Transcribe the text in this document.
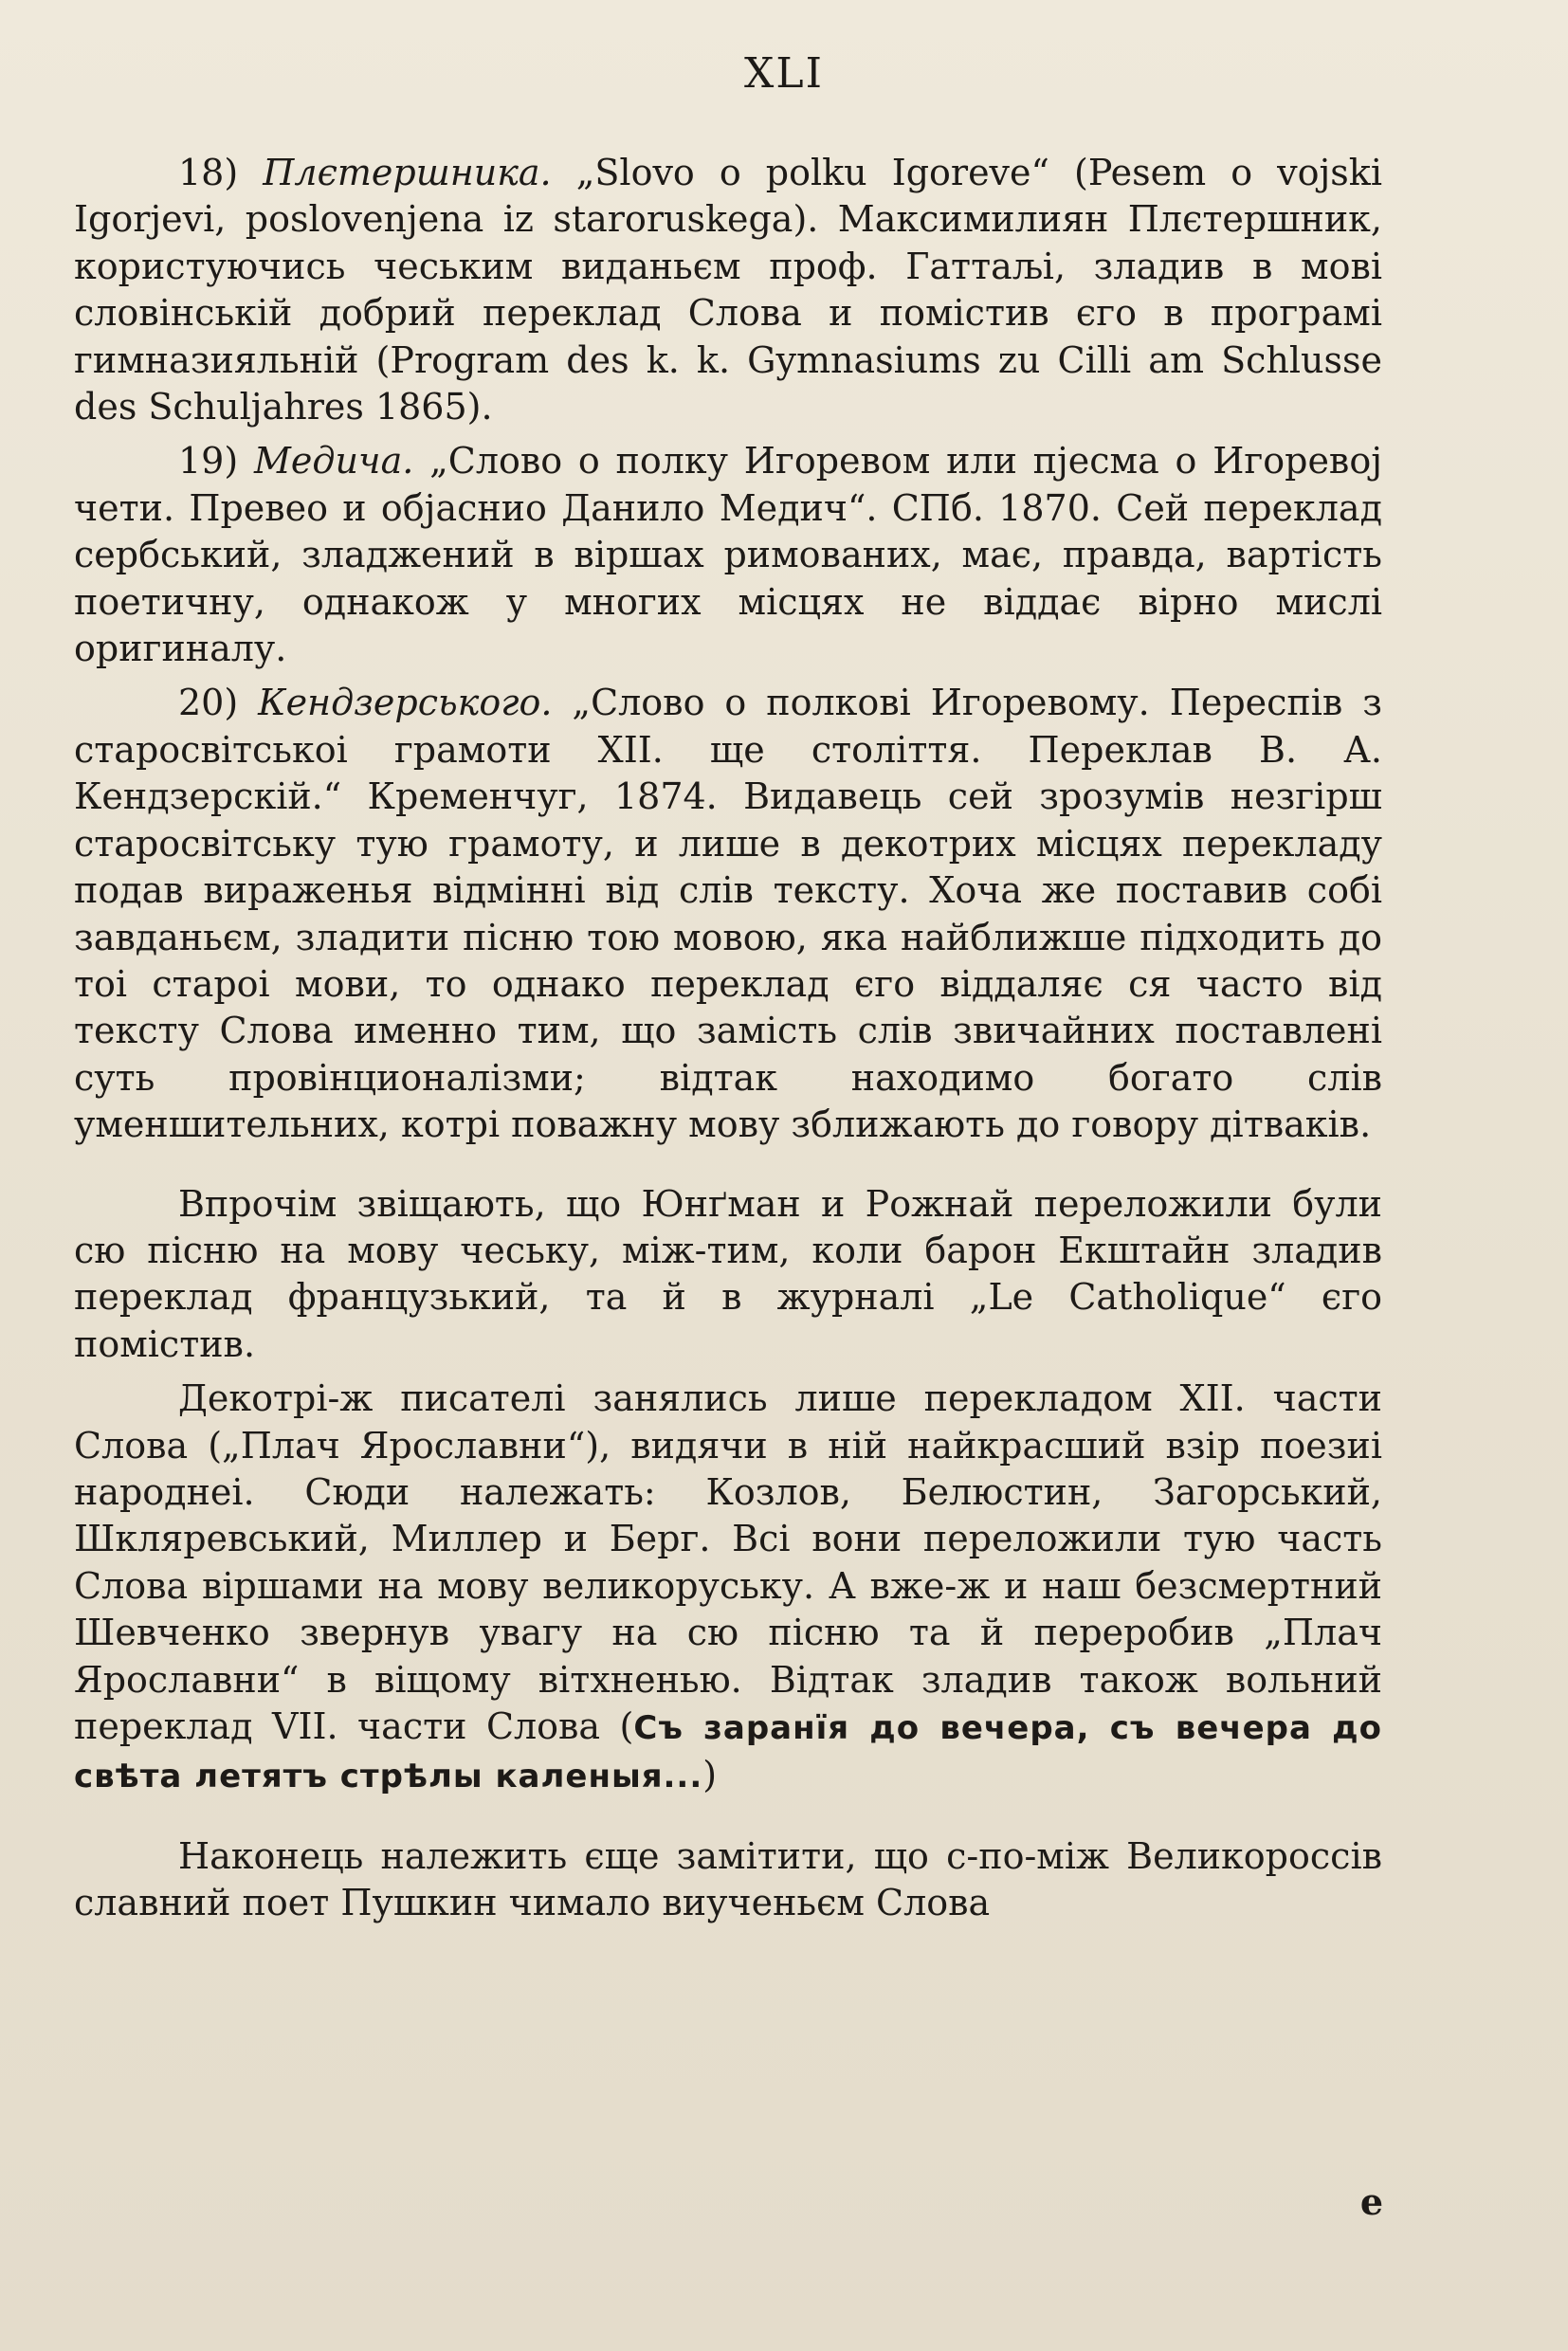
XLI

18) Плєтершника. „Slovo o polku Igoreve“ (Pesem o vojski Igorjevi, poslovenjena iz staroruskega). Максимилиян Плєтершник, користуючись чеським виданьєм проф. Гаттаљі, зладив в мові словінській добрий переклад Слова и помістив єго в програмі гимназияльній (Program des k. k. Gymnasiums zu Cilli am Schlusse des Schuljahres 1865).

19) Медича. „Слово о полку Игоревом или пјесма о Игоревој чети. Превео и објаснио Данило Медич“. СПб. 1870. Сей переклад сербський, зладжений в віршах римованих, має, правда, вартість поетичну, однакож у многих місцях не віддає вірно мислі оригиналу.

20) Кендзерського. „Слово о полкові Игоревому. Переспів з старосвітськоі грамоти XII. ще століття. Переклав В. А. Кендзерскій.“ Кременчуг, 1874. Видавець сей зрозумів незгірш старосвітську тую грамоту, и лише в декотрих місцях перекладу подав вираженья відмінні від слів тексту. Хоча же поставив собі завданьєм, зладити пісню тою мовою, яка найближше підходить до тоі староі мови, то однако переклад єго віддаляє ся часто від тексту Слова именно тим, що замість слів звичайних поставлені суть провінционалізми; відтак находимо богато слів уменшительних, котрі поважну мову зближають до говору дітваків.

Впрочім звіщають, що Юнґман и Рожнай переложили були сю пісню на мову чеську, між-тим, коли барон Екштайн зладив переклад французький, та й в журналі „Le Catholique“ єго помістив.

Декотрі-ж писателі занялись лише перекладом XII. части Слова („Плач Ярославни“), видячи в ній найкрасший взір поезиі народнеі. Сюди належать: Козлов, Белюстин, Загорський, Шкляревський, Миллер и Берг. Всі вони переложили тую часть Слова віршами на мову великоруську. А вже-ж и наш безсмертний Шевченко звернув увагу на сю пісню та й переробив „Плач Ярославни“ в віщому вітхненью. Відтак зладив також вольний переклад VII. части Слова (Съ заранїя до вечера, съ вечера до свѣта летятъ стрѣлы каленыя...)

Наконець належить єще замітити, що с-по-між Великороссів славний поет Пушкин чимало виученьєм Слова

e
